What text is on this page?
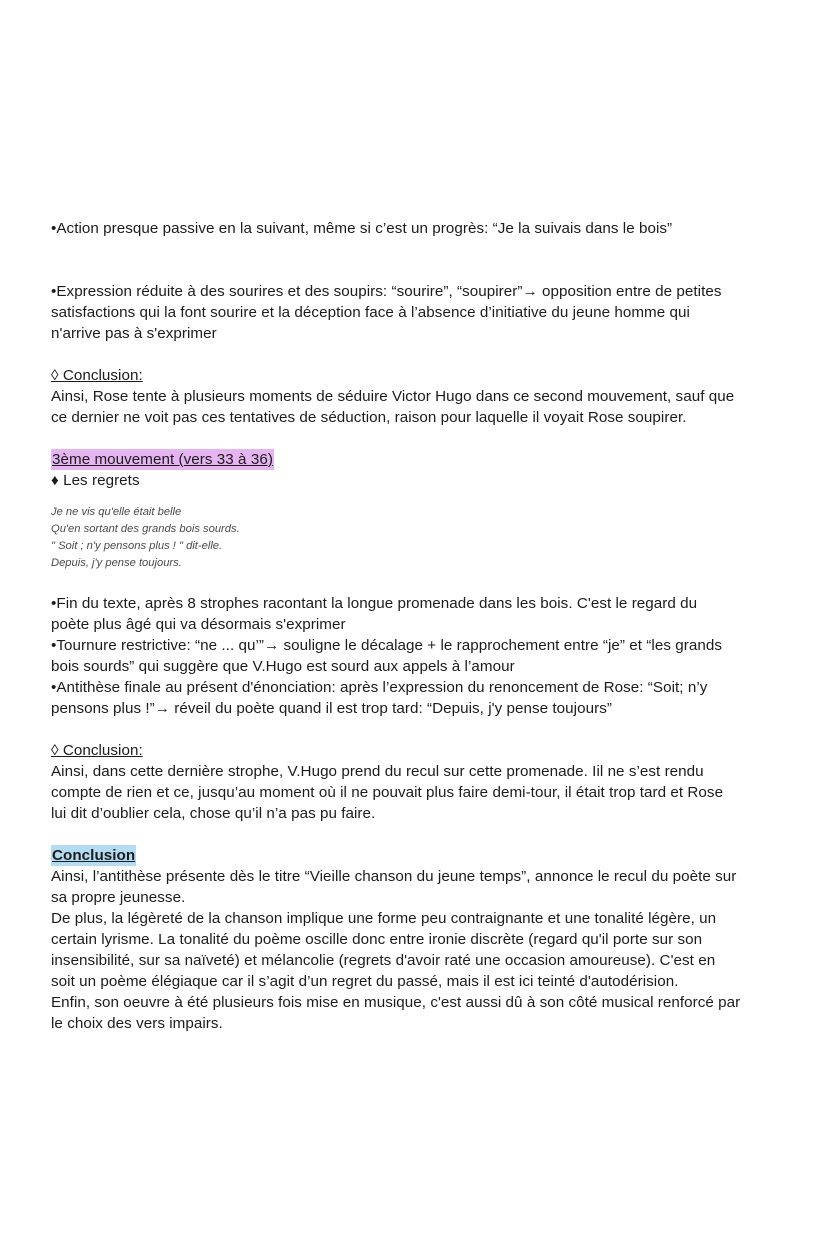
•Action presque passive en la suivant, même si c’est un progrès: “Je la suivais dans le bois”

•Expression réduite à des sourires et des soupirs: “sourire”, “soupirer”→ opposition entre de petites

satisfactions qui la font sourire et la déception face à l’absence d’initiative du jeune homme qui

n'arrive pas à s'exprimer

◊ Conclusion:

Ainsi, Rose tente à plusieurs moments de séduire Victor Hugo dans ce second mouvement, sauf que

ce dernier ne voit pas ces tentatives de séduction, raison pour laquelle il voyait Rose soupirer.

3ème mouvement (vers 33 à 36)

♦ Les regrets

Je ne vis qu'elle était belle

Qu'en sortant des grands bois sourds.

" Soit ; n'y pensons plus ! " dit-elle.

Depuis, j'y pense toujours.

•Fin du texte, après 8 strophes racontant la longue promenade dans les bois. C'est le regard du

poète plus âgé qui va désormais s'exprimer

•Tournure restrictive: “ne ... qu’”→ souligne le décalage + le rapprochement entre “je” et “les grands

bois sourds” qui suggère que V.Hugo est sourd aux appels à l’amour

•Antithèse finale au présent d'énonciation: après l’expression du renoncement de Rose: “Soit; n’y

pensons plus !”→ réveil du poète quand il est trop tard: “Depuis, j'y pense toujours”

◊ Conclusion:

Ainsi, dans cette dernière strophe, V.Hugo prend du recul sur cette promenade. Iil ne s’est rendu

compte de rien et ce, jusqu’au moment où il ne pouvait plus faire demi-tour, il était trop tard et Rose

lui dit d’oublier cela, chose qu’il n’a pas pu faire.

Conclusion

Ainsi, l’antithèse présente dès le titre “Vieille chanson du jeune temps”, annonce le recul du poète sur

sa propre jeunesse.

De plus, la légèreté de la chanson implique une forme peu contraignante et une tonalité légère, un

certain lyrisme. La tonalité du poème oscille donc entre ironie discrète (regard qu'il porte sur son

insensibilité, sur sa naïveté) et mélancolie (regrets d'avoir raté une occasion amoureuse). C'est en

soit un poème élégiaque car il s’agit d’un regret du passé, mais il est ici teinté d'autodérision.

Enfin, son oeuvre à été plusieurs fois mise en musique, c'est aussi dû à son côté musical renforcé par

le choix des vers impairs.
